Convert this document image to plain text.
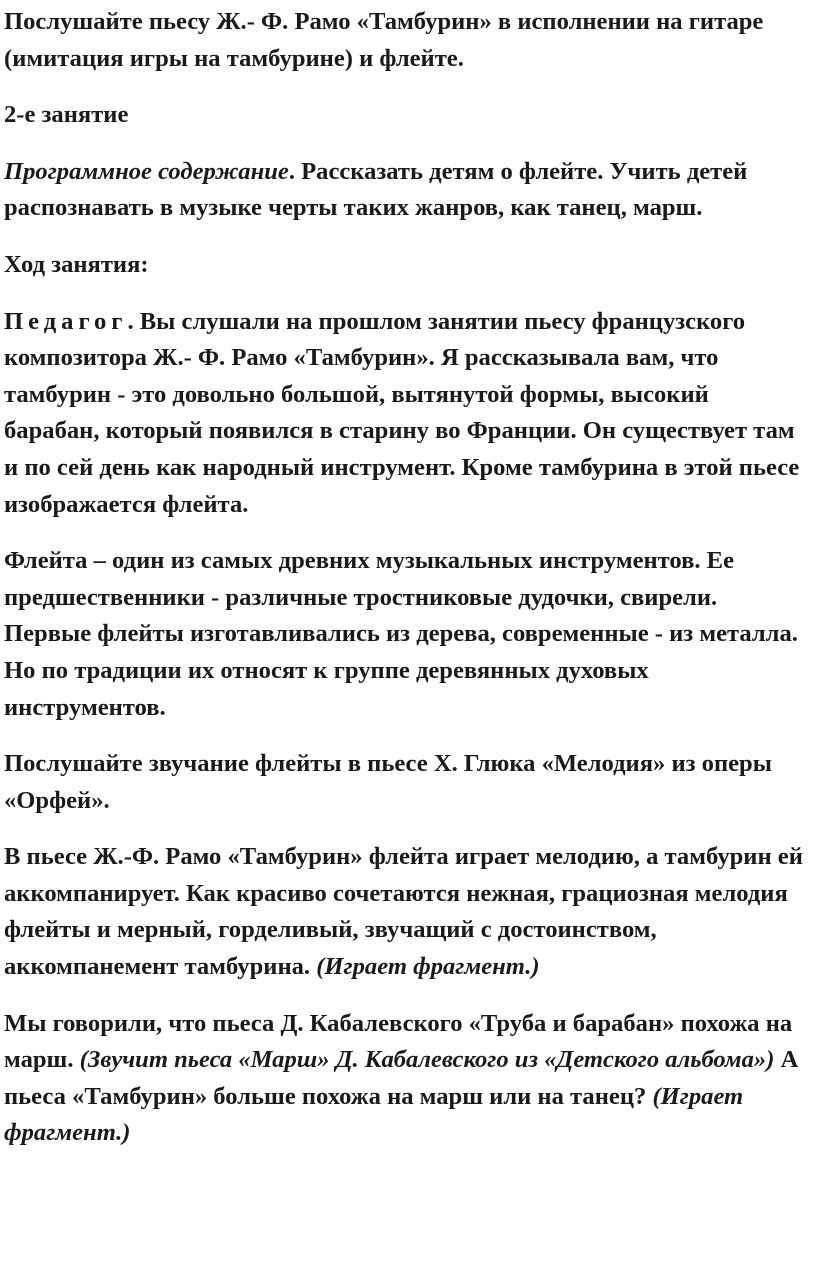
Послушайте пьесу Ж.- Ф. Рамо «Тамбурин» в исполнении на гитаре (имитация игры на тамбурине) и флейте.

2-е занятие

Программное содержание. Рассказать детям о флейте. Учить детей распознавать в музыке черты таких жанров, как танец, марш.

Ход занятия:

Педагог. Вы слушали на прошлом занятии пьесу французского композитора Ж.- Ф. Рамо «Тамбурин». Я рассказывала вам, что тамбурин - это довольно большой, вытянутой формы, высокий барабан, который появился в старину во Франции. Он существует там и по сей день как народный инструмент. Кроме тамбурина в этой пьесе изображается флейта.

Флейта – один из самых древних музыкальных инструментов. Ее предшественники - различные тростниковые дудочки, свирели. Первые флейты изготавливались из дерева, современные - из металла. Но по традиции их относят к группе деревянных духовых инструментов.

Послушайте звучание флейты в пьесе Х. Глюка «Мелодия» из оперы «Орфей».

В пьесе Ж.-Ф. Рамо «Тамбурин» флейта играет мелодию, а тамбурин ей аккомпанирует. Как красиво сочетаются нежная, грациозная мелодия флейты и мерный, горделивый, звучащий с достоинством, аккомпанемент тамбурина. (Играет фрагмент.)

Мы говорили, что пьеса Д. Кабалевского «Труба и барабан» похожа на марш. (Звучит пьеса «Марш» Д. Кабалевского из «Детского альбома») А пьеса «Тамбурин» больше похожа на марш или на танец? (Играет фрагмент.)
